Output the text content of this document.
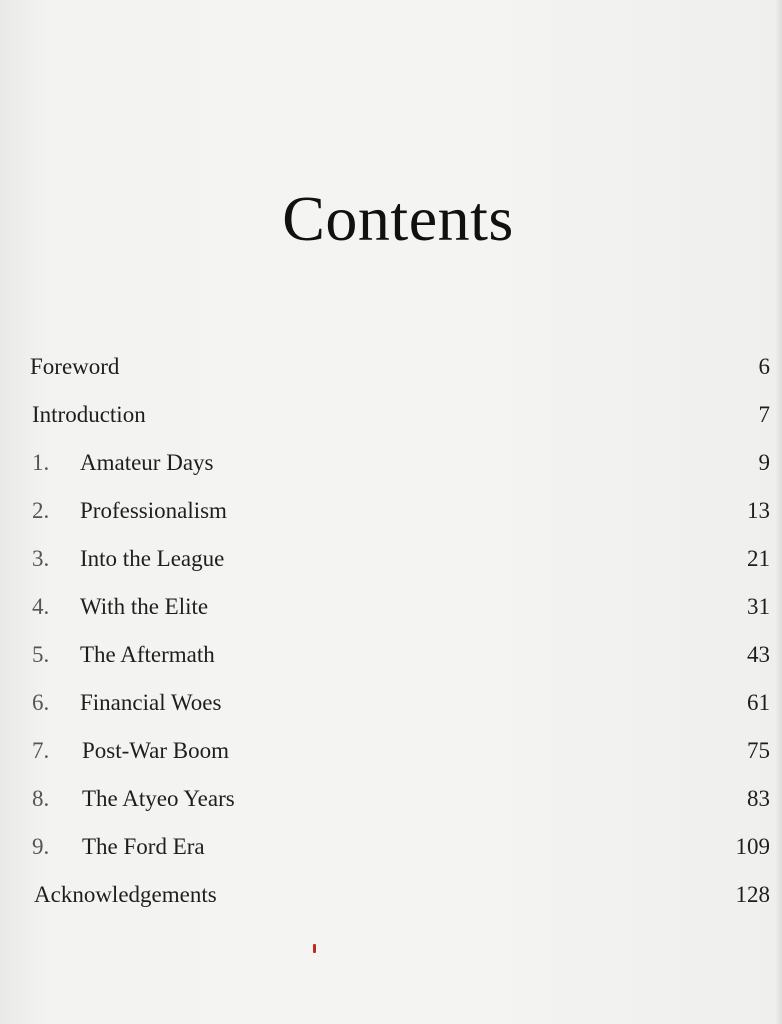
Contents
Foreword	6
Introduction	7
1. Amateur Days	9
2. Professionalism	13
3. Into the League	21
4. With the Elite	31
5. The Aftermath	43
6. Financial Woes	61
7. Post-War Boom	75
8. The Atyeo Years	83
9. The Ford Era	109
Acknowledgements	128
